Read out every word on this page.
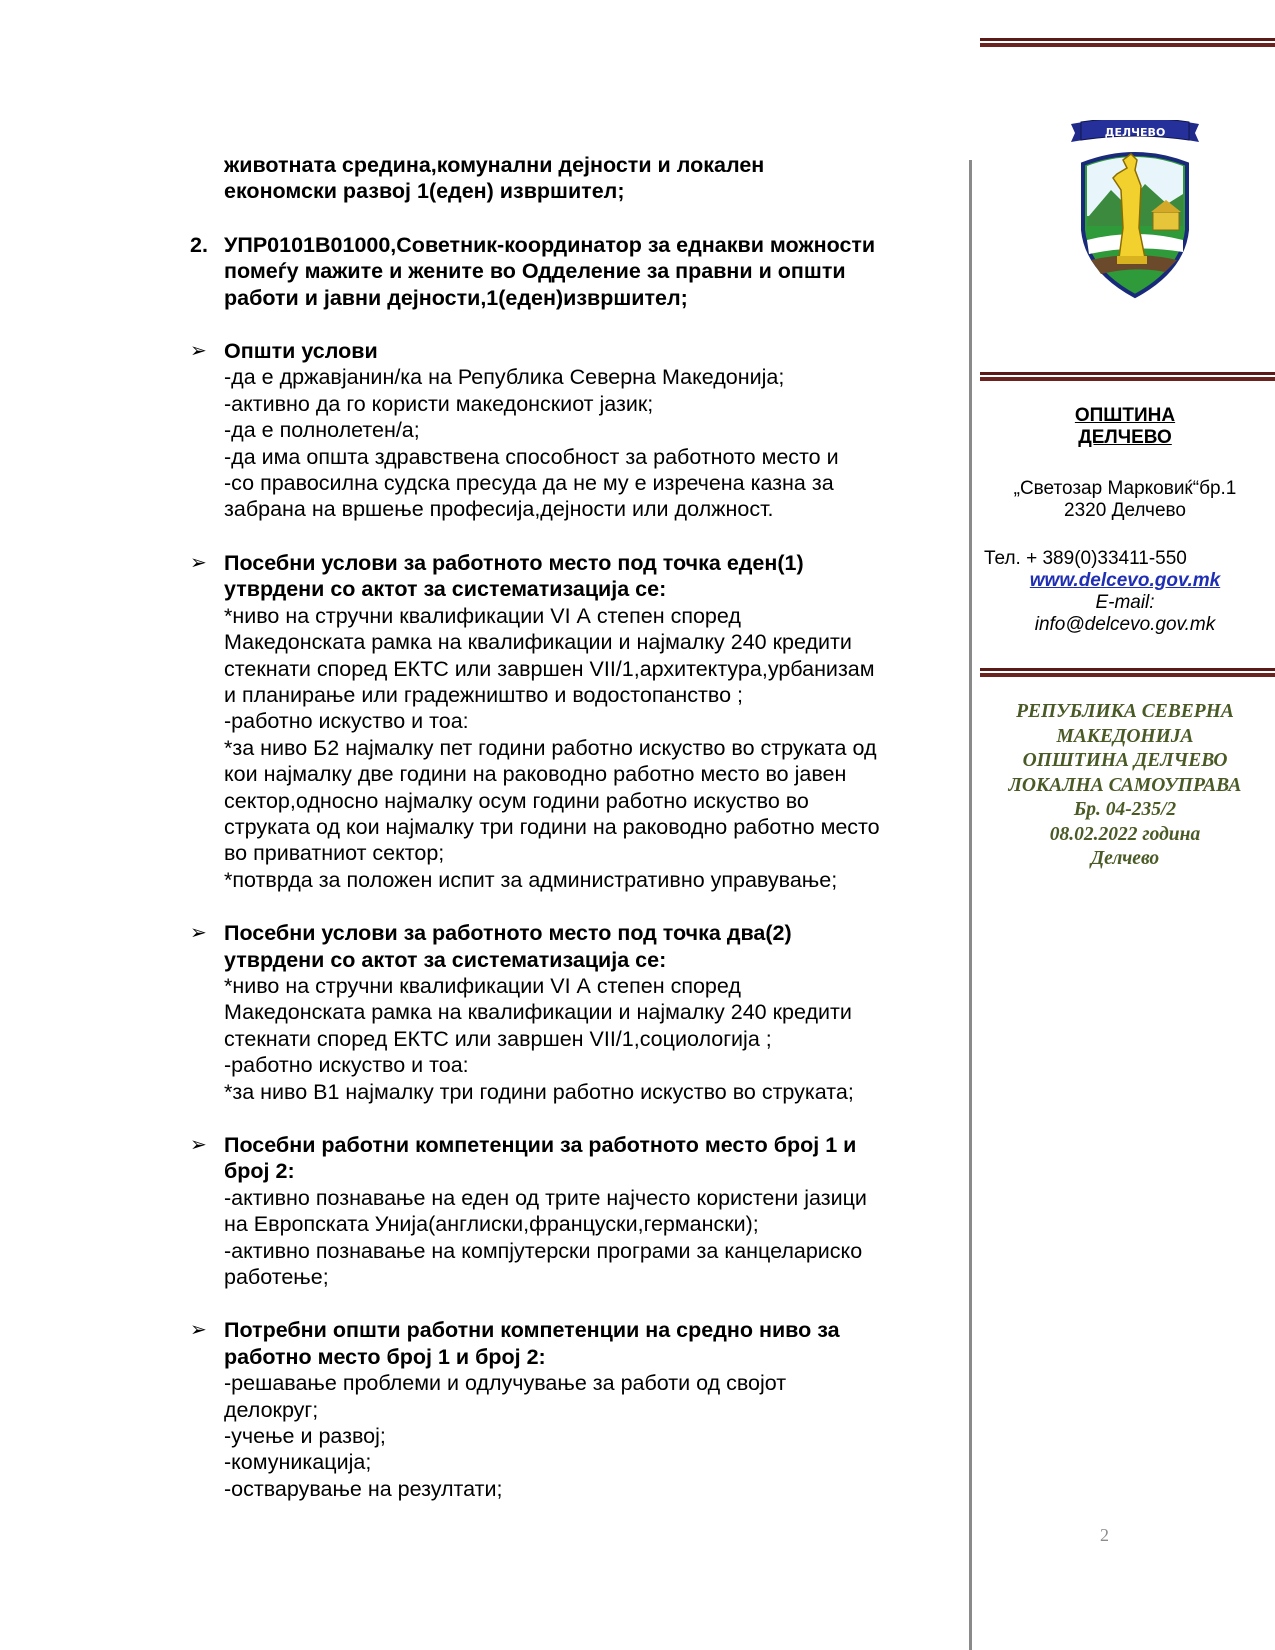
животната средина,комунални дејности и локален
економски развој 1(еден) извршител;
2. УПР0101В01000,Советник-координатор за еднакви можности
помеѓу мажите и жените во Одделение за правни и општи
работи и јавни дејности,1(еден)извршител;
➢ Општи услови
-да е државјанин/ка на Република Северна Македонија;
-активно да го користи македонскиот јазик;
-да е полнолетен/а;
-да има општа здравствена способност за работното место и
-со правосилна судска пресуда да не му е изречена казна за
забрана на вршење професија,дејности или должност.
➢ Посебни услови за работното место под точка еден(1)
утврдени со актот за систематизација се:
*ниво на стручни квалификации VI А степен според
Македонската рамка на квалификации и најмалку 240 кредити
стекнати според ЕКТС или завршен VII/1,архитектура,урбанизам
и планирање или градежништво и водостопанство ;
-работно искуство и тоа:
*за ниво Б2 најмалку пет години работно искуство во струката од
кои најмалку две години на раководно работно место во јавен
сектор,односно најмалку осум години работно искуство во
струката од кои најмалку три години на раководно работно место
во приватниот сектор;
*потврда за положен испит за административно управување;
➢ Посебни услови за работното место под точка два(2)
утврдени со актот за систематизација се:
*ниво на стручни квалификации VI А степен според
Македонската рамка на квалификации и најмалку 240 кредити
стекнати според ЕКТС или завршен VII/1,социологија ;
-работно искуство и тоа:
*за ниво В1 најмалку три години работно искуство во струката;
➢ Посебни работни компетенции за работното место број 1 и
број 2:
-активно познавање на еден од трите најчесто користени јазици
на Европската Унија(англиски,француски,германски);
-активно познавање на компјутерски програми за канцелариско
работење;
➢ Потребни општи работни компетенции на средно ниво за
работно место број 1 и број 2:
-решавање проблеми и одлучување за работи од својот
делокруг;
-учење и развој;
-комуникација;
-остварување на резултати;
ДЕЛЧЕВО
ОПШТИНА
ДЕЛЧЕВО
„Светозар Марковиќ“бр.1
2320 Делчево
Тел. + 389(0)33411-550
www.delcevo.gov.mk
E-mail:
info@delcevo.gov.mk
РЕПУБЛИКА СЕВЕРНА
МАКЕДОНИЈА
ОПШТИНА ДЕЛЧЕВО
ЛОКАЛНА САМОУПРАВА
Бр. 04-235/2
08.02.2022 година
Делчево
2
